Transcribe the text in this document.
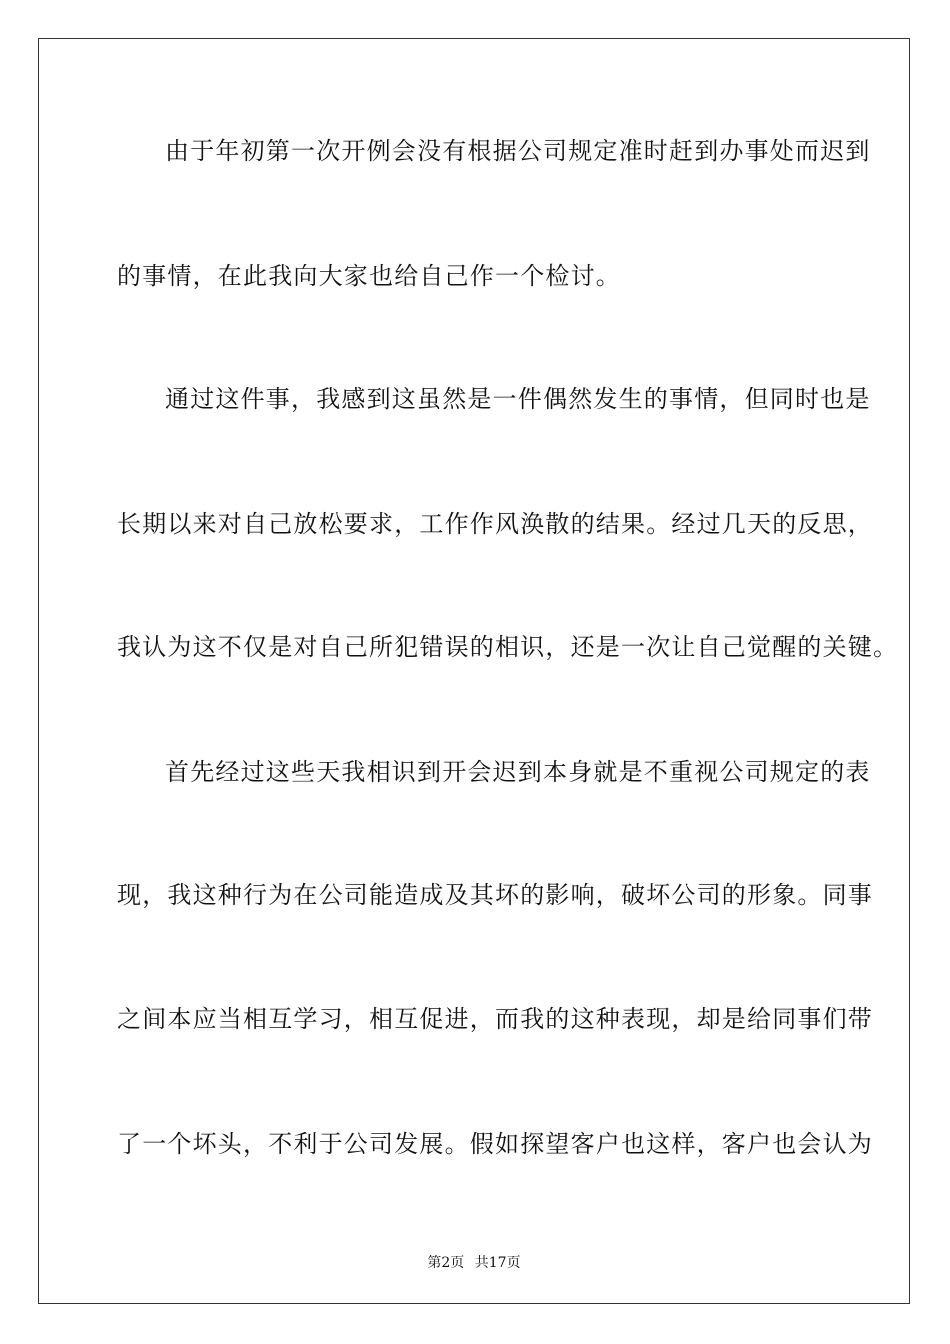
由于年初第一次开例会没有根据公司规定准时赶到办事处而迟到
的事情，在此我向大家也给自己作一个检讨。
通过这件事，我感到这虽然是一件偶然发生的事情，但同时也是
长期以来对自己放松要求，工作作风涣散的结果。经过几天的反思，
我认为这不仅是对自己所犯错误的相识，还是一次让自己觉醒的关键。
首先经过这些天我相识到开会迟到本身就是不重视公司规定的表
现，我这种行为在公司能造成及其坏的影响，破坏公司的形象。同事
之间本应当相互学习，相互促进，而我的这种表现，却是给同事们带
了一个坏头，不利于公司发展。假如探望客户也这样，客户也会认为
第2页 共17页
